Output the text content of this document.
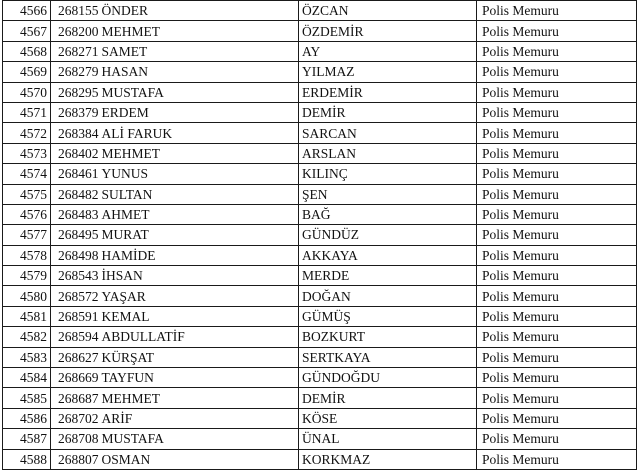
4566	268155	ÖNDER	ÖZCAN	Polis Memuru
4567	268200	MEHMET	ÖZDEMİR	Polis Memuru
4568	268271	SAMET	AY	Polis Memuru
4569	268279	HASAN	YILMAZ	Polis Memuru
4570	268295	MUSTAFA	ERDEMİR	Polis Memuru
4571	268379	ERDEM	DEMİR	Polis Memuru
4572	268384	ALİ FARUK	SARCAN	Polis Memuru
4573	268402	MEHMET	ARSLAN	Polis Memuru
4574	268461	YUNUS	KILINÇ	Polis Memuru
4575	268482	SULTAN	ŞEN	Polis Memuru
4576	268483	AHMET	BAĞ	Polis Memuru
4577	268495	MURAT	GÜNDÜZ	Polis Memuru
4578	268498	HAMİDE	AKKAYA	Polis Memuru
4579	268543	İHSAN	MERDE	Polis Memuru
4580	268572	YAŞAR	DOĞAN	Polis Memuru
4581	268591	KEMAL	GÜMÜŞ	Polis Memuru
4582	268594	ABDULLATİF	BOZKURT	Polis Memuru
4583	268627	KÜRŞAT	SERTKAYA	Polis Memuru
4584	268669	TAYFUN	GÜNDOĞDU	Polis Memuru
4585	268687	MEHMET	DEMİR	Polis Memuru
4586	268702	ARİF	KÖSE	Polis Memuru
4587	268708	MUSTAFA	ÜNAL	Polis Memuru
4588	268807	OSMAN	KORKMAZ	Polis Memuru
